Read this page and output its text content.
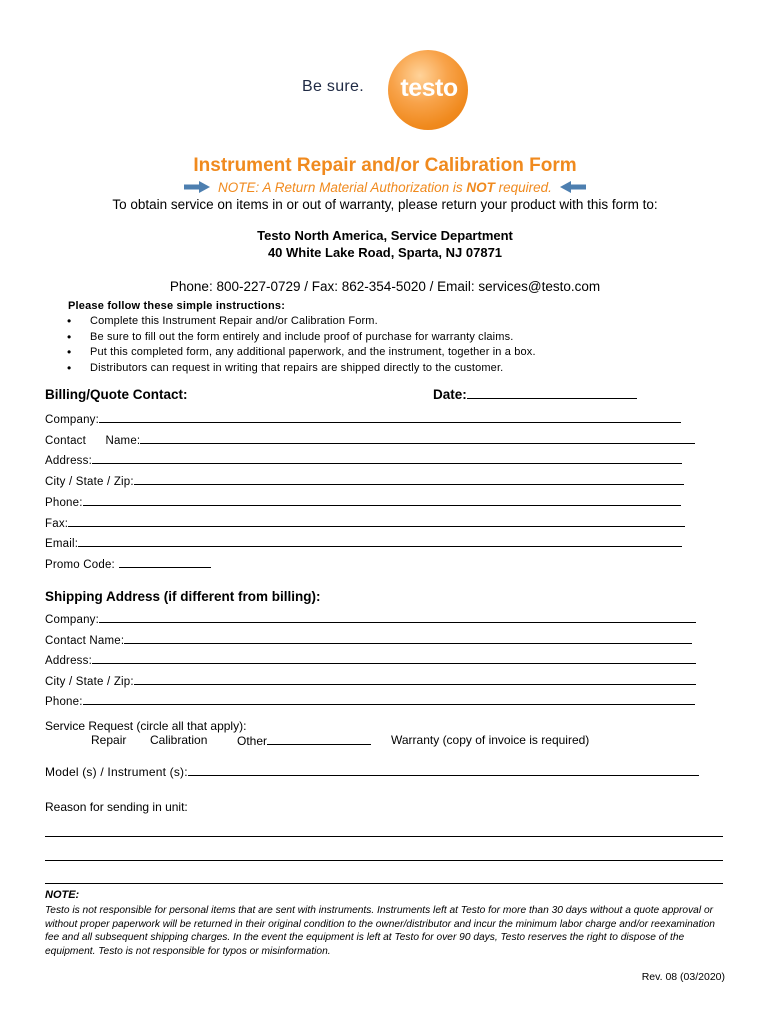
Be sure.	testo
Instrument Repair and/or Calibration Form
NOTE: A Return Material Authorization is NOT required.
To obtain service on items in or out of warranty, please return your product with this form to:
Testo North America, Service Department
40 White Lake Road, Sparta, NJ 07871
Phone: 800-227-0729 / Fax: 862-354-5020 / Email: services@testo.com
Please follow these simple instructions:
• Complete this Instrument Repair and/or Calibration Form.
• Be sure to fill out the form entirely and include proof of purchase for warranty claims.
• Put this completed form, any additional paperwork, and the instrument, together in a box.
• Distributors can request in writing that repairs are shipped directly to the customer.
Billing/Quote Contact:	Date:
Company:
Contact Name:
Address:
City / State / Zip:
Phone:
Fax:
Email:
Promo Code:
Shipping Address (if different from billing):
Company:
Contact Name:
Address:
City / State / Zip:
Phone:
Service Request (circle all that apply):
Repair Calibration Other	Warranty (copy of invoice is required)
Model (s) / Instrument (s):
Reason for sending in unit:
NOTE:
Testo is not responsible for personal items that are sent with instruments. Instruments left at Testo for more than 30 days without a quote approval or without proper paperwork will be returned in their original condition to the owner/distributor and incur the minimum labor charge and/or reexamination fee and all subsequent shipping charges. In the event the equipment is left at Testo for over 90 days, Testo reserves the right to dispose of the equipment. Testo is not responsible for typos or misinformation.
Rev. 08 (03/2020)
